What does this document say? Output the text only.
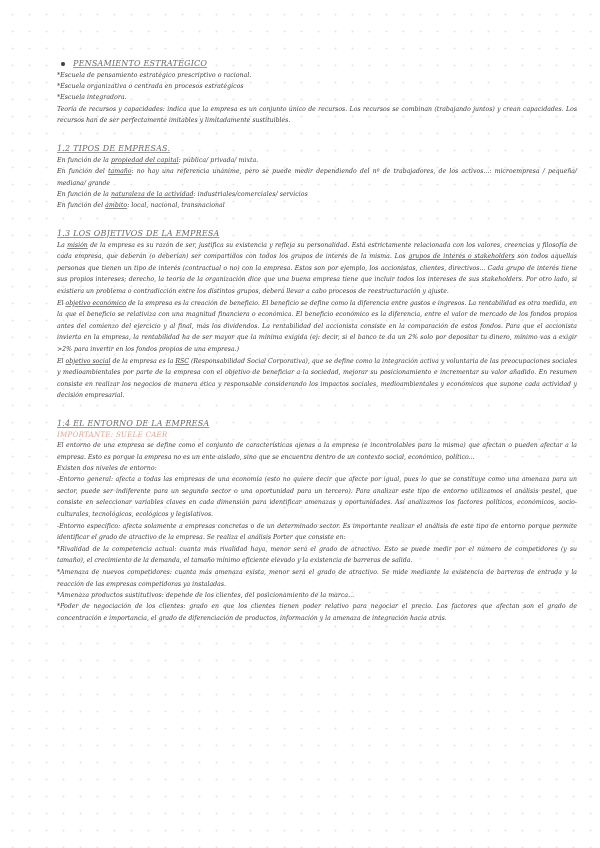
PENSAMIENTO ESTRATÉGICO
*Escuela de pensamiento estratégico prescriptivo o racional.
*Escuela organizativa o centrada en procesos estratégicos
*Escuela integradora.
Teoría de recursos y capacidades: indica que la empresa es un conjunto único de recursos. Los recursos se combinan (trabajando juntos) y crean capacidades. Los recursos han de ser perfectamente imitables y limitadamente sustituibles.
1.2 TIPOS DE EMPRESAS.
En función de la propiedad del capital: pública/ privada/ mixta.
En función del tamaño: no hay una referencia unánime, pero se puede medir dependiendo del nº de trabajadores, de los activos...: microempresa / pequeña/ mediana/ grande
En función de la naturaleza de la actividad: industriales/comerciales/ servicios
En función del ámbito: local, nacional, transnacional
1.3 LOS OBJETIVOS DE LA EMPRESA
La misión de la empresa es su razón de ser, justifica su existencia y refleja su personalidad. Está estrictamente relacionada con los valores, creencias y filosofía de cada empresa, que deberán (o deberían) ser compartidos con todos los grupos de interés de la misma. Los grupos de interés o stakeholders son todos aquellas personas que tienen un tipo de interés (contractual o no) con la empresa. Estos son por ejemplo, los accionistas, clientes, directivos... Cada grupo de interés tiene sus propios intereses; derecho, la teoría de la organización dice que una buena empresa tiene que incluir todos los intereses de sus stakeholders. Por otro lado, si existiera un problema o contradicción entre los distintos grupos, deberá llevar a cabo procesos de reestructuración y ajuste.
El objetivo económico de la empresa es la creación de beneficio. El beneficio se define como la diferencia entre gastos e ingresos. La rentabilidad es otra medida, en la que el beneficio se relativiza con una magnitud financiera o económica. El beneficio económico es la diferencia, entre el valor de mercado de los fondos propios antes del comienzo del ejercicio y al final, más los dividendos. La rentabilidad del accionista consiste en la comparación de estos fondos. Para que el accionista invierta en la empresa, la rentabilidad ha de ser mayor que la mínima exigida (ej: decir, si el banco te da un 2% solo por depositar tu dinero, mínimo vas a exigir >2% para invertir en los fondos propios de una empresa.)
El objetivo social de la empresa es la RSC (Responsabilidad Social Corporativa), que se define como la integración activa y voluntaria de las preocupaciones sociales y medioambientales por parte de la empresa con el objetivo de beneficiar a la sociedad, mejorar su posicionamiento e incrementar su valor añadido. En resumen consiste en realizar los negocios de manera ética y responsable considerando los impactos sociales, medioambientales y económicos que supone cada actividad y decisión empresarial.
1.4 EL ENTORNO DE LA EMPRESA
IMPORTANTE: SUELE CAER
El entorno de una empresa se define como el conjunto de características ajenas a la empresa (e incontrolables para la misma) que afectan o pueden afectar a la empresa. Esto es porque la empresa no es un ente aislado, sino que se encuentra dentro de un contexto social, económico, político...
Existen dos niveles de entorno:
-Entorno general: afecta a todas las empresas de una economía (esto no quiere decir que afecte por igual, pues lo que se constituye como una amenaza para un sector, puede ser indiferente para un segundo sector o una oportunidad para un tercero). Para analizar este tipo de entorno utilizamos el análisis pestel, que consiste en seleccionar variables claves en cada dimensión para identificar amenazas y oportunidades. Así analizamos los factores políticos, económicos, socio-culturales, tecnológicos, ecológicos y legislativos.
-Entorno específico: afecta solamente a empresas concretas o de un determinado sector. Es importante realizar el análisis de este tipo de entorno porque permite identificar el grado de atractivo de la empresa. Se realiza el análisis Porter que consiste en:
*Rivalidad de la competencia actual: cuanta más rivalidad haya, menor será el grado de atractivo. Esto se puede medir por el número de competidores (y su tamaño), el crecimiento de la demanda, el tamaño mínimo eficiente elevado y la existencia de barreras de salida.
*Amenaza de nuevos competidores: cuanta más amenaza exista, menor será el grado de atractivo. Se mide mediante la existencia de barreras de entrada y la reacción de las empresas competidoras ya instaladas.
*Amenaza productos sustitutivos: depende de los clientes, del posicionamiento de la marca...
*Poder de negociación de los clientes: grado en que los clientes tienen poder relativo para negociar el precio. Los factores que afectan son el grado de concentración e importancia, el grado de diferenciación de productos, información y la amenaza de integración hacia atrás.
